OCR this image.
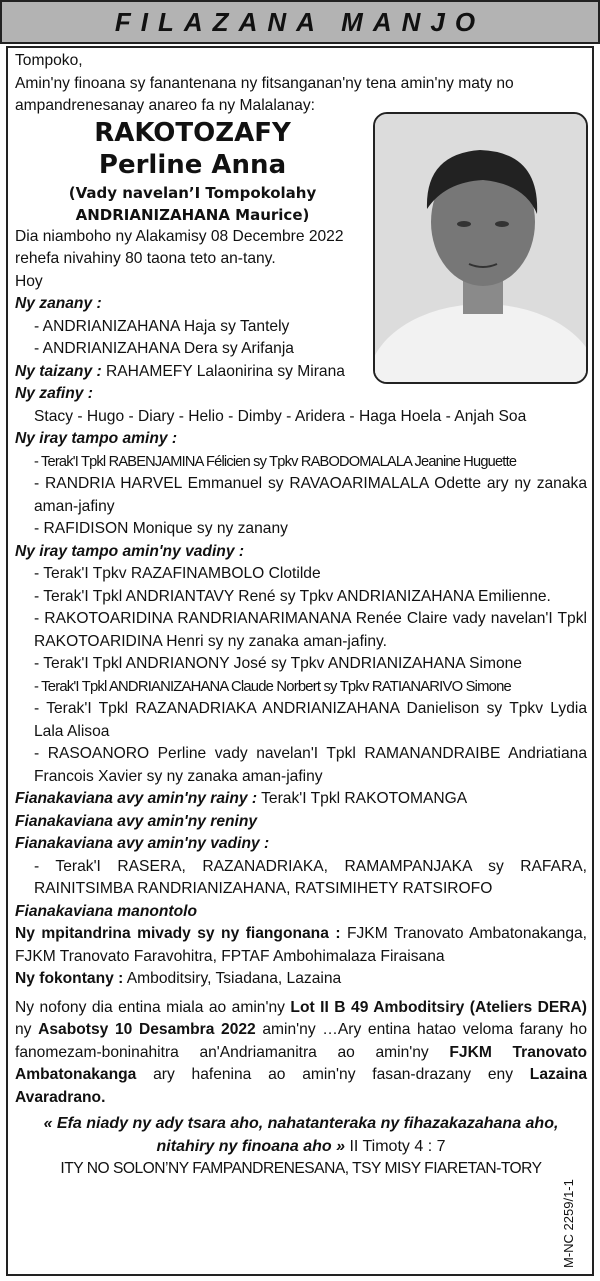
FILAZANA MANJO

Tompoko,

Amin'ny finoana sy fanantenana ny fitsanganan'ny tena amin'ny maty no ampandrenesanay anareo fa ny Malalanay:

RAKOTOZAFY
Perline Anna
(Vady navelan’I Tompokolahy
ANDRIANIZAHANA Maurice)

Dia niamboho ny Alakamisy 08 Decembre 2022

rehefa nivahiny 80 taona teto an-tany.

Hoy

Ny zanany :

- ANDRIANIZAHANA Haja sy Tantely

- ANDRIANIZAHANA Dera sy Arifanja

Ny taizany : RAHAMEFY Lalaonirina sy Mirana

Ny zafiny :

Stacy - Hugo - Diary - Helio - Dimby - Aridera - Haga Hoela - Anjah Soa

Ny iray tampo aminy :

- Terak'I Tpkl RABENJAMINA Félicien sy Tpkv RABODOMALALA Jeanine Huguette

- RANDRIA HARVEL Emmanuel sy RAVAOARIMALALA Odette ary ny zanaka aman-jafiny

- RAFIDISON Monique sy ny zanany

Ny iray tampo amin'ny vadiny :

- Terak'I Tpkv RAZAFINAMBOLO Clotilde

- Terak'I Tpkl ANDRIANTAVY René sy Tpkv ANDRIANIZAHANA Emilienne.

- RAKOTOARIDINA RANDRIANARIMANANA Renée Claire vady navelan'I Tpkl RAKOTOARIDINA Henri sy ny zanaka aman-jafiny.

- Terak'I Tpkl ANDRIANONY José sy Tpkv ANDRIANIZAHANA Simone

- Terak'I Tpkl ANDRIANIZAHANA Claude Norbert sy Tpkv RATIANARIVO Simone

- Terak'I Tpkl RAZANADRIAKA ANDRIANIZAHANA Danielison sy Tpkv Lydia Lala Alisoa

- RASOANORO Perline vady navelan'I Tpkl RAMANANDRAIBE Andriatiana Francois Xavier sy ny zanaka aman-jafiny

Fianakaviana avy amin'ny rainy : Terak'I Tpkl RAKOTOMANGA

Fianakaviana avy amin'ny reniny

Fianakaviana avy amin'ny vadiny :

- Terak'I RASERA, RAZANADRIAKA, RAMAMPANJAKA sy RAFARA, RAINITSIMBA RANDRIANIZAHANA, RATSIMIHETY RATSIROFO

Fianakaviana manontolo

Ny mpitandrina mivady sy ny fiangonana : FJKM Tranovato Ambatonakanga, FJKM Tranovato Faravohitra, FPTAF Ambohimalaza Firaisana

Ny fokontany : Amboditsiry, Tsiadana, Lazaina

Ny nofony dia entina miala ao amin'ny Lot II B 49 Amboditsiry (Ateliers DERA) ny Asabotsy 10 Desambra 2022 amin'ny …Ary entina hatao veloma farany ho fanomezam-boninahitra an'Andriamanitra ao amin'ny FJKM Tranovato Ambatonakanga ary hafenina ao amin'ny fasan-drazany eny Lazaina Avaradrano.

« Efa niady ny ady tsara aho, nahatanteraka ny fihazakazahana aho,

nitahiry ny finoana aho » II Timoty 4 : 7

ITY NO SOLON’NY FAMPANDRENESANA, TSY MISY FIARETAN-TORY

M-NC 2259/1-1
